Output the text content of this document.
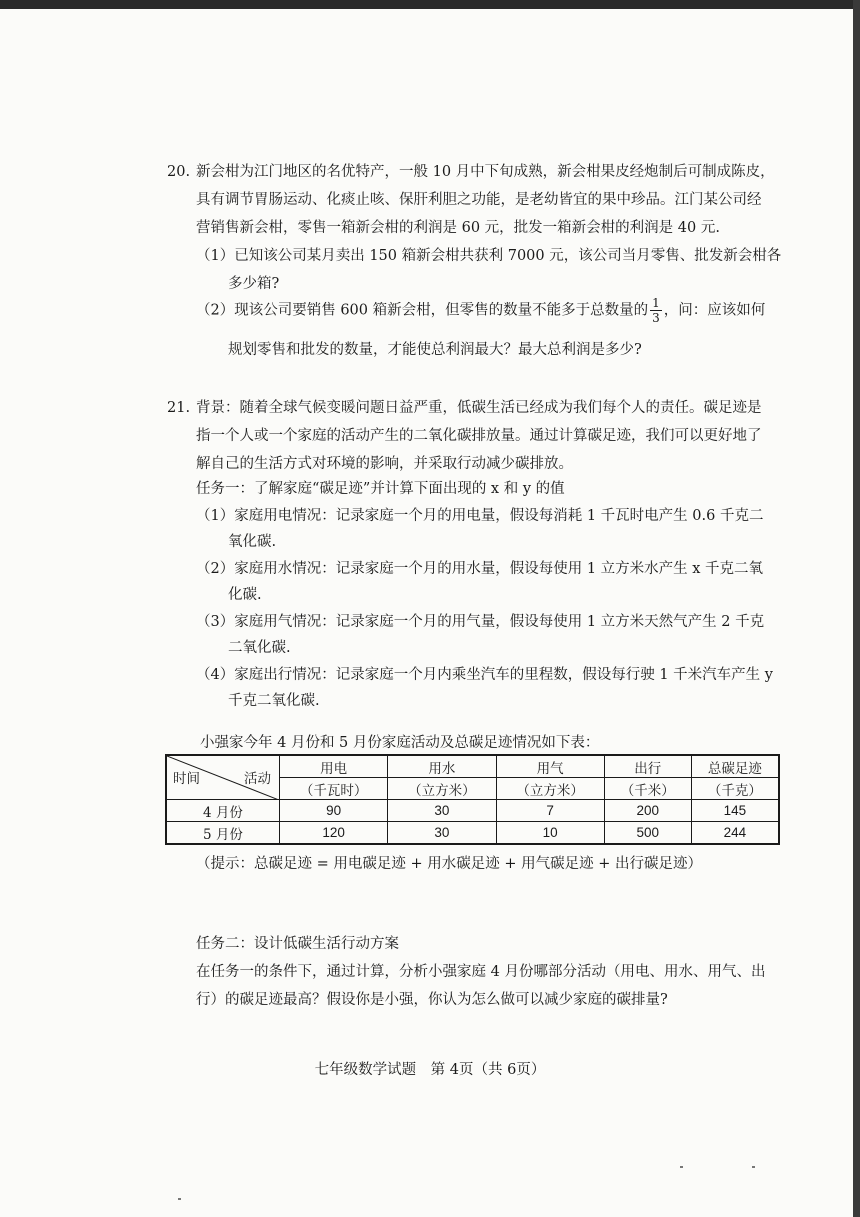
20. 新会柑为江门地区的名优特产，一般 10 月中下旬成熟，新会柑果皮经炮制后可制成陈皮，

具有调节胃肠运动、化痰止咳、保肝利胆之功能，是老幼皆宜的果中珍品。江门某公司经

营销售新会柑，零售一箱新会柑的利润是 60 元，批发一箱新会柑的利润是 40 元.

（1）已知该公司某月卖出 150 箱新会柑共获利 7000 元，该公司当月零售、批发新会柑各

多少箱?

（2）现该公司要销售 600 箱新会柑，但零售的数量不能多于总数量的 $\frac{1}{3}$ ，问：应该如何

规划零售和批发的数量，才能使总利润最大？最大总利润是多少?

21. 背景：随着全球气候变暖问题日益严重，低碳生活已经成为我们每个人的责任。碳足迹是

指一个人或一个家庭的活动产生的二氧化碳排放量。通过计算碳足迹，我们可以更好地了

解自己的生活方式对环境的影响，并采取行动减少碳排放。

任务一：了解家庭“碳足迹”并计算下面出现的 x 和 y 的值

（1）家庭用电情况：记录家庭一个月的用电量，假设每消耗 1 千瓦时电产生 0.6 千克二

氧化碳.

（2）家庭用水情况：记录家庭一个月的用水量，假设每使用 1 立方米水产生 x 千克二氧

化碳.

（3）家庭用气情况：记录家庭一个月的用气量，假设每使用 1 立方米天然气产生 2 千克

二氧化碳.

（4）家庭出行情况：记录家庭一个月内乘坐汽车的里程数，假设每行驶 1 千米汽车产生 y

千克二氧化碳.

小强家今年 4 月份和 5 月份家庭活动及总碳足迹情况如下表：

时间 活动	用电	用水	用气	出行	总碳足迹
	（千瓦时）	（立方米）	（立方米）	（千米）	（千克）
4 月份	90	30	7	200	145
5 月份	120	30	10	500	244

（提示：总碳足迹 = 用电碳足迹 + 用水碳足迹 + 用气碳足迹 + 出行碳足迹）

任务二：设计低碳生活行动方案

在任务一的条件下，通过计算，分析小强家庭 4 月份哪部分活动（用电、用水、用气、出

行）的碳足迹最高？假设你是小强，你认为怎么做可以减少家庭的碳排量?

七年级数学试题　第 4页（共 6页）
